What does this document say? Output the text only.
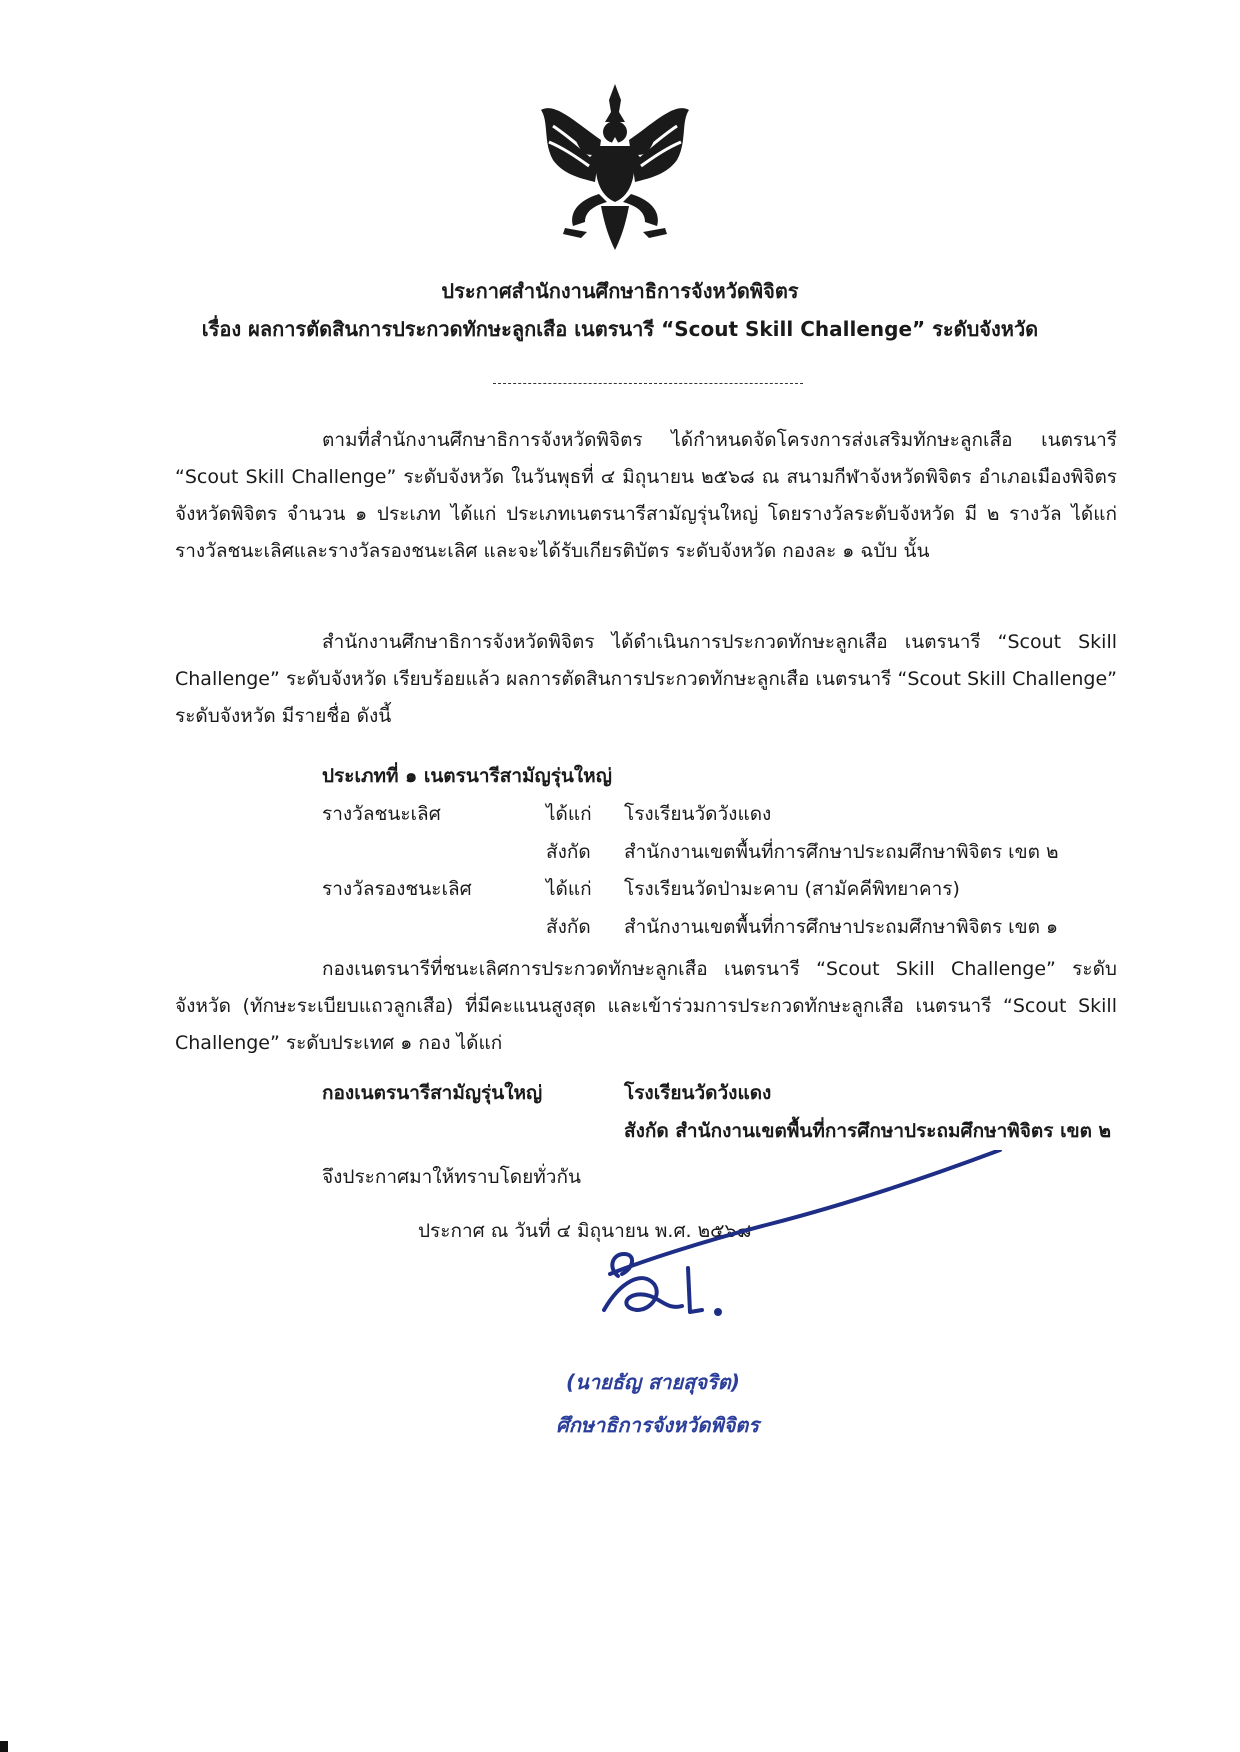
ประกาศสำนักงานศึกษาธิการจังหวัดพิจิตร
เรื่อง ผลการตัดสินการประกวดทักษะลูกเสือ เนตรนารี “Scout Skill Challenge” ระดับจังหวัด

ตามที่สำนักงานศึกษาธิการจังหวัดพิจิตร ได้กำหนดจัดโครงการส่งเสริมทักษะลูกเสือ เนตรนารี “Scout Skill Challenge” ระดับจังหวัด ในวันพุธที่ ๔ มิถุนายน ๒๕๖๘ ณ สนามกีฬาจังหวัดพิจิตร อำเภอเมืองพิจิตร จังหวัดพิจิตร จำนวน ๑ ประเภท ได้แก่ ประเภทเนตรนารีสามัญรุ่นใหญ่ โดยรางวัลระดับจังหวัด มี ๒ รางวัล ได้แก่ รางวัลชนะเลิศและรางวัลรองชนะเลิศ และจะได้รับเกียรติบัตร ระดับจังหวัด กองละ ๑ ฉบับ นั้น

สำนักงานศึกษาธิการจังหวัดพิจิตร ได้ดำเนินการประกวดทักษะลูกเสือ เนตรนารี “Scout Skill Challenge” ระดับจังหวัด เรียบร้อยแล้ว ผลการตัดสินการประกวดทักษะลูกเสือ เนตรนารี “Scout Skill Challenge” ระดับจังหวัด มีรายชื่อ ดังนี้

ประเภทที่ ๑ เนตรนารีสามัญรุ่นใหญ่
รางวัลชนะเลิศ	ได้แก่ โรงเรียนวัดวังแดง
สังกัด สำนักงานเขตพื้นที่การศึกษาประถมศึกษาพิจิตร เขต ๒
รางวัลรองชนะเลิศ	ได้แก่ โรงเรียนวัดป่ามะคาบ (สามัคคีพิทยาคาร)
สังกัด สำนักงานเขตพื้นที่การศึกษาประถมศึกษาพิจิตร เขต ๑

กองเนตรนารีที่ชนะเลิศการประกวดทักษะลูกเสือ เนตรนารี “Scout Skill Challenge” ระดับจังหวัด (ทักษะระเบียบแถวลูกเสือ) ที่มีคะแนนสูงสุด และเข้าร่วมการประกวดทักษะลูกเสือ เนตรนารี “Scout Skill Challenge” ระดับประเทศ ๑ กอง ได้แก่

กองเนตรนารีสามัญรุ่นใหญ่	โรงเรียนวัดวังแดง
สังกัด สำนักงานเขตพื้นที่การศึกษาประถมศึกษาพิจิตร เขต ๒
จึงประกาศมาให้ทราบโดยทั่วกัน
ประกาศ ณ วันที่ ๔ มิถุนายน พ.ศ. ๒๕๖๘
(นายธัญ สายสุจริต)
ศึกษาธิการจังหวัดพิจิตร
